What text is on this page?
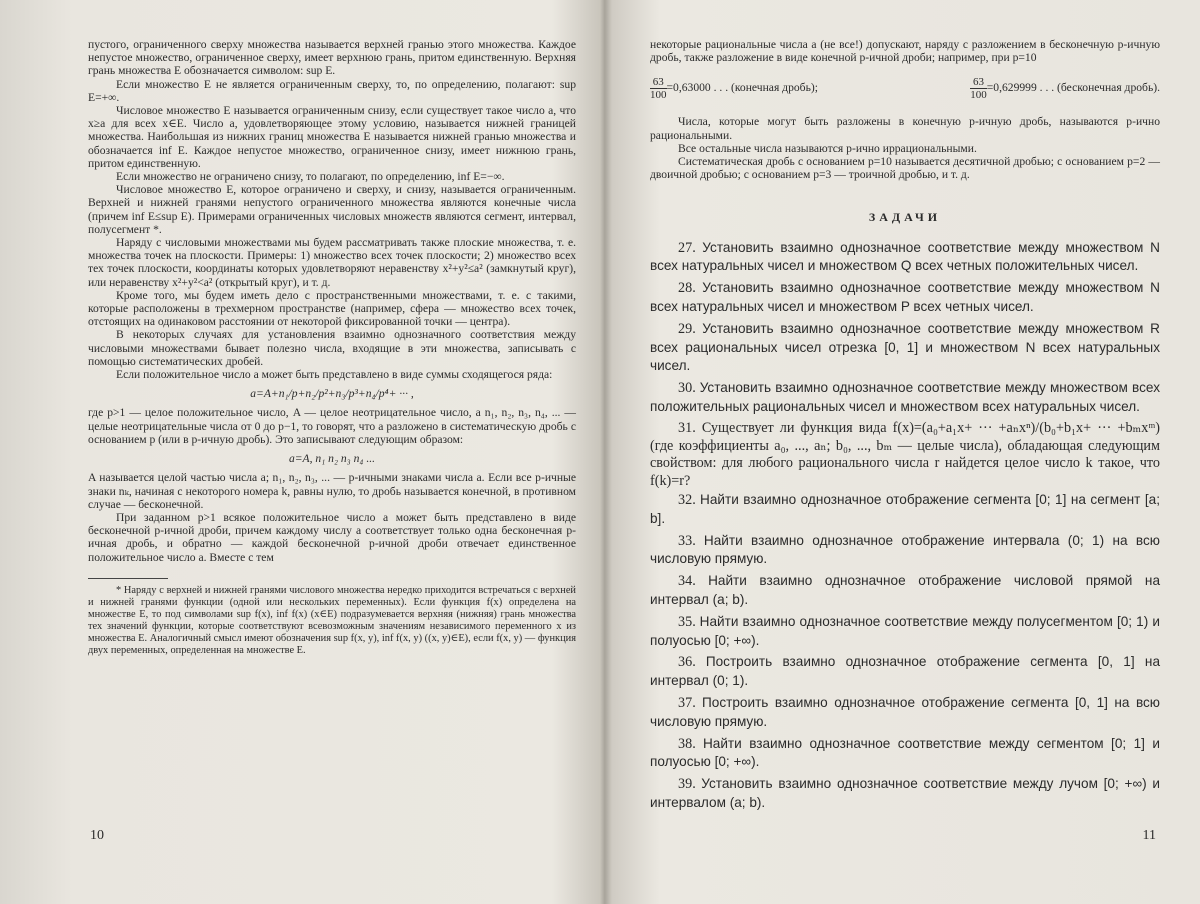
пустого, ограниченного сверху множества называется верхней гранью этого множества. Каждое непустое множество, ограниченное сверху, имеет верхнюю грань, притом единственную. Верхняя грань множества E обозначается символом: sup E.

Если множество E не является ограниченным сверху, то, по определению, полагают: sup E=+∞.

Числовое множество E называется ограниченным снизу, если существует такое число a, что x≥a для всех x∈E. Число a, удовлетворяющее этому условию, называется нижней границей множества. Наибольшая из нижних границ множества E называется нижней гранью множества и обозначается inf E. Каждое непустое множество, ограниченное снизу, имеет нижнюю грань, притом единственную.

Если множество не ограничено снизу, то полагают, по определению, inf E=−∞.

Числовое множество E, которое ограничено и сверху, и снизу, называется ограниченным. Верхней и нижней гранями непустого ограниченного множества являются конечные числа (причем inf E≤sup E). Примерами ограниченных числовых множеств являются сегмент, интервал, полусегмент *.

Наряду с числовыми множествами мы будем рассматривать также плоские множества, т. е. множества точек на плоскости. Примеры: 1) множество всех точек плоскости; 2) множество всех тех точек плоскости, координаты которых удовлетворяют неравенству x²+y²≤a² (замкнутый круг), или неравенству x²+y²<a² (открытый круг), и т. д.

Кроме того, мы будем иметь дело с пространственными множествами, т. е. с такими, которые расположены в трехмерном пространстве (например, сфера — множество всех точек, отстоящих на одинаковом расстоянии от некоторой фиксированной точки — центра).

В некоторых случаях для установления взаимно однозначного соответствия между числовыми множествами бывает полезно числа, входящие в эти множества, записывать с помощью систематических дробей.

Если положительное число a может быть представлено в виде суммы сходящегося ряда:

a=A+n₁/p+n₂/p²+n₃/p³+n₄/p⁴+ ··· ,

где p>1 — целое положительное число, A — целое неотрицательное число, а n₁, n₂, n₃, n₄, ... — целые неотрицательные числа от 0 до p−1, то говорят, что a разложено в систематическую дробь с основанием p (или в p-ичную дробь). Это записывают следующим образом:

a=A, n₁ n₂ n₃ n₄ ...

A называется целой частью числа a; n₁, n₂, n₃, ... — p-ичными знаками числа a. Если все p-ичные знаки nₖ, начиная с некоторого номера k, равны нулю, то дробь называется конечной, в противном случае — бесконечной.

При заданном p>1 всякое положительное число a может быть представлено в виде бесконечной p-ичной дроби, причем каждому числу a соответствует только одна бесконечная p-ичная дробь, и обратно — каждой бесконечной p-ичной дроби отвечает единственное положительное число a. Вместе с тем

* Наряду с верхней и нижней гранями числового множества нередко приходится встречаться с верхней и нижней гранями функции (одной или нескольких переменных). Если функция f(x) определена на множестве E, то под символами sup f(x), inf f(x) (x∈E) подразумевается верхняя (нижняя) грань множества тех значений функции, которые соответствуют всевозможным значениям независимого переменного x из множества E. Аналогичный смысл имеют обозначения sup f(x, y), inf f(x, y) ((x, y)∈E), если f(x, y) — функция двух переменных, определенная на множестве E.

10

некоторые рациональные числа a (не все!) допускают, наряду с разложением в бесконечную p-ичную дробь, также разложение в виде конечной p-ичной дроби; например, при p=10

$\frac{63}{100} =0,63000$ . . . (конечная дробь);	$\frac{63}{100} =0,629999$ . . . (бесконечная дробь).

Числа, которые могут быть разложены в конечную p-ичную дробь, называются p-ично рациональными.

Все остальные числа называются p-ично иррациональными.

Систематическая дробь с основанием p=10 называется десятичной дробью; с основанием p=2 — двоичной дробью; с основанием p=3 — троичной дробью, и т. д.

ЗАДАЧИ

27. Установить взаимно однозначное соответствие между множеством N всех натуральных чисел и множеством Q всех четных положительных чисел.

28. Установить взаимно однозначное соответствие между множеством N всех натуральных чисел и множеством P всех четных чисел.

29. Установить взаимно однозначное соответствие между множеством R всех рациональных чисел отрезка [0, 1] и множеством N всех натуральных чисел.

30. Установить взаимно однозначное соответствие между множеством всех положительных рациональных чисел и множеством всех натуральных чисел.

31. Существует ли функция вида f(x)=(a₀+a₁x+ ··· +aₙxⁿ)/(b₀+b₁x+ ··· +bₘxᵐ) (где коэффициенты a₀, ..., aₙ; b₀, ..., bₘ — целые числа), обладающая следующим свойством: для любого рационального числа r найдется целое число k такое, что f(k)=r?

32. Найти взаимно однозначное отображение сегмента [0; 1] на сегмент [a; b].

33. Найти взаимно однозначное отображение интервала (0; 1) на всю числовую прямую.

34. Найти взаимно однозначное отображение числовой прямой на интервал (a; b).

35. Найти взаимно однозначное соответствие между полусегментом [0; 1) и полуосью [0; +∞).

36. Построить взаимно однозначное отображение сегмента [0, 1] на интервал (0; 1).

37. Построить взаимно однозначное отображение сегмента [0, 1] на всю числовую прямую.

38. Найти взаимно однозначное соответствие между сегментом [0; 1] и полуосью [0; +∞).

39. Установить взаимно однозначное соответствие между лучом [0; +∞) и интервалом (a; b).

11
